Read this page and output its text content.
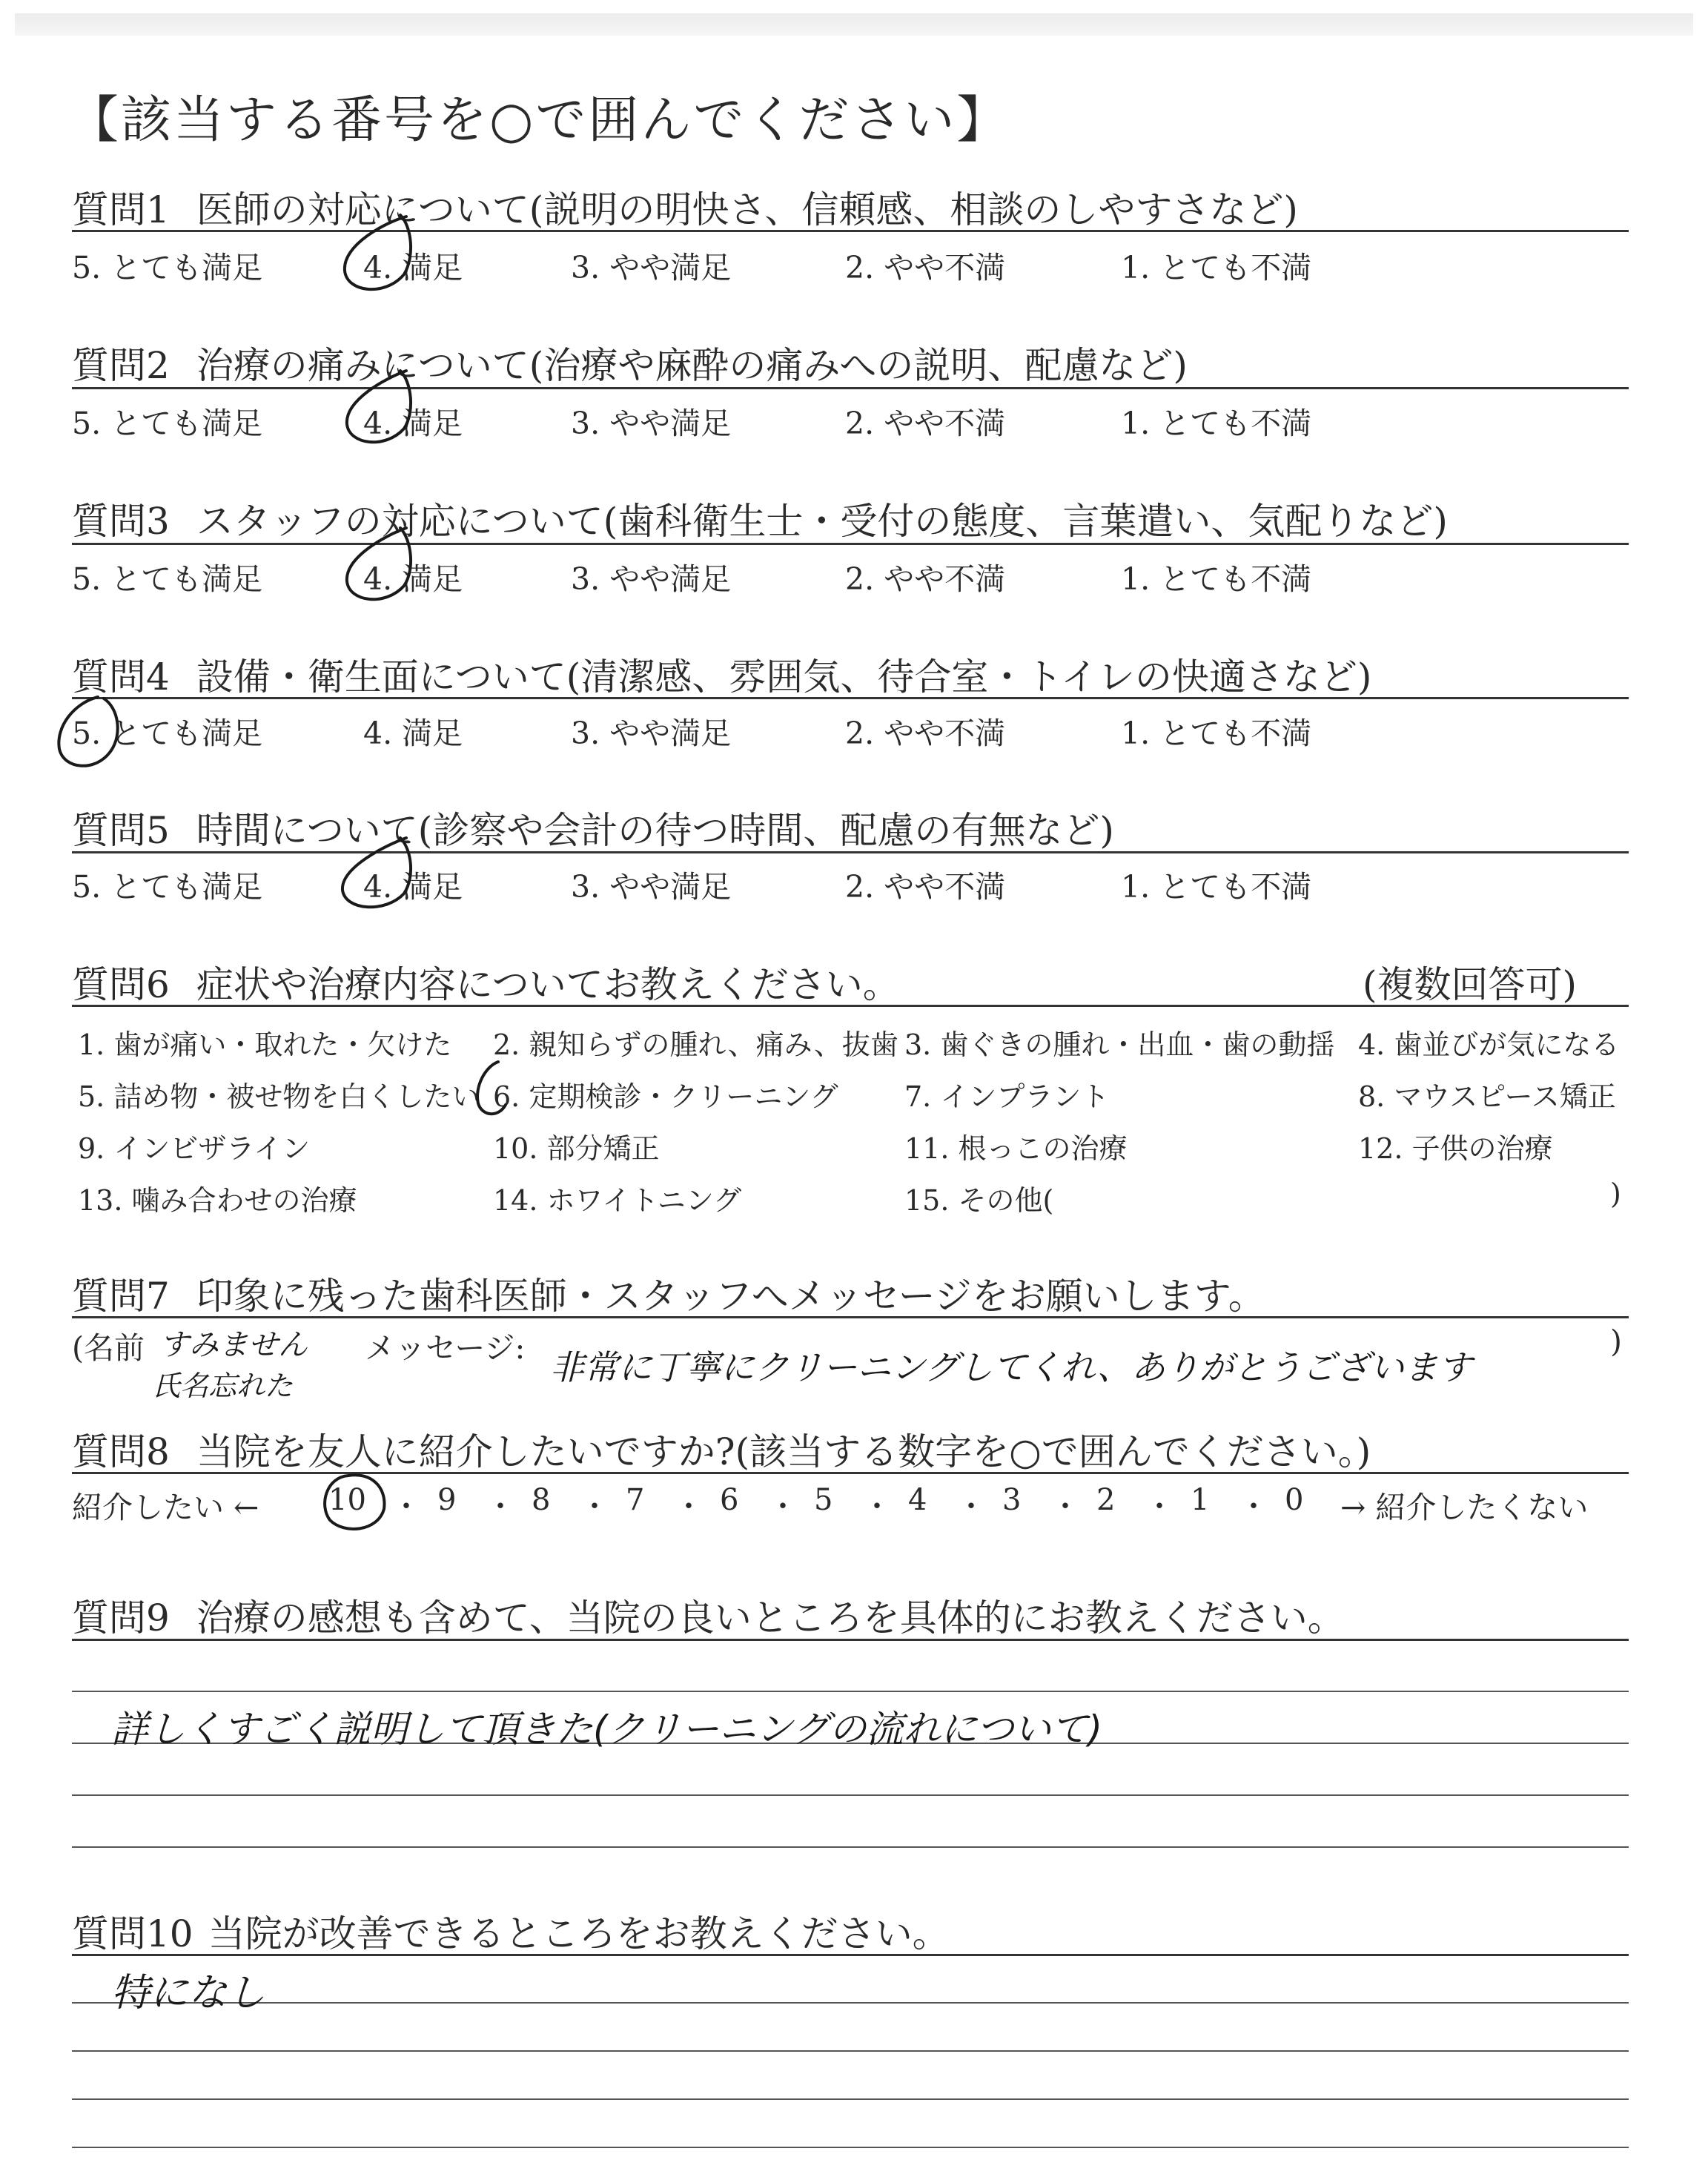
【該当する番号を○で囲んでください】
質問1 医師の対応について(説明の明快さ、信頼感、相談のしやすさなど)
5. とても満足	4. 満足	3. やや満足	2. やや不満	1. とても不満
質問2 治療の痛みについて(治療や麻酔の痛みへの説明、配慮など)
5. とても満足	4. 満足	3. やや満足	2. やや不満	1. とても不満
質問3 スタッフの対応について(歯科衛生士・受付の態度、言葉遣い、気配りなど)
5. とても満足	4. 満足	3. やや満足	2. やや不満	1. とても不満
質問4 設備・衛生面について(清潔感、雰囲気、待合室・トイレの快適さなど)
5. とても満足	4. 満足	3. やや満足	2. やや不満	1. とても不満
質問5 時間について(診察や会計の待つ時間、配慮の有無など)
5. とても満足	4. 満足	3. やや満足	2. やや不満	1. とても不満
質問6 症状や治療内容についてお教えください。	(複数回答可)
1. 歯が痛い・取れた・欠けた 2. 親知らずの腫れ、痛み、抜歯 3. 歯ぐきの腫れ・出血・歯の動揺 4. 歯並びが気になる
5. 詰め物・被せ物を白くしたい 6. 定期検診・クリーニング 7. インプラント	8. マウスピース矯正
9. インビザライン	10. 部分矯正	11. 根っこの治療	12. 子供の治療
13. 噛み合わせの治療	14. ホワイトニング	15. その他(	)
質問7 印象に残った歯科医師・スタッフへメッセージをお願いします。
(名前 すみません
氏名忘れた
メッセージ: 非常に丁寧にクリーニングしてくれ、ありがとうございます
)
質問8 当院を友人に紹介したいですか?(該当する数字を○で囲んでください。)
紹介したい ← 10 ・ 9 ・ 8 ・ 7 ・ 6 ・ 5 ・ 4 ・ 3 ・ 2 ・ 1 ・ 0 → 紹介したくない
質問9 治療の感想も含めて、当院の良いところを具体的にお教えください。
詳しくすごく説明して頂きた(クリーニングの流れについて)
質問10 当院が改善できるところをお教えください。
特になし
